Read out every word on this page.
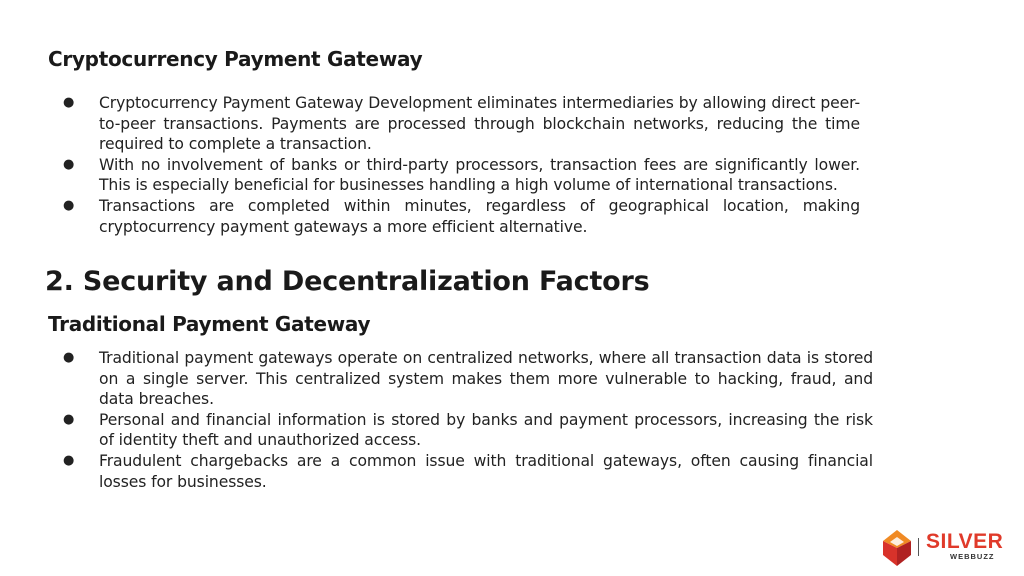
Cryptocurrency Payment Gateway
● Cryptocurrency Payment Gateway Development eliminates intermediaries by allowing direct peer-to-peer transactions. Payments are processed through blockchain networks, reducing the time required to complete a transaction.
● With no involvement of banks or third-party processors, transaction fees are significantly lower. This is especially beneficial for businesses handling a high volume of international transactions.
● Transactions are completed within minutes, regardless of geographical location, making cryptocurrency payment gateways a more efficient alternative.
2. Security and Decentralization Factors
Traditional Payment Gateway
● Traditional payment gateways operate on centralized networks, where all transaction data is stored on a single server. This centralized system makes them more vulnerable to hacking, fraud, and data breaches.
● Personal and financial information is stored by banks and payment processors, increasing the risk of identity theft and unauthorized access.
● Fraudulent chargebacks are a common issue with traditional gateways, often causing financial losses for businesses.
SILVER
WEBBUZZ
